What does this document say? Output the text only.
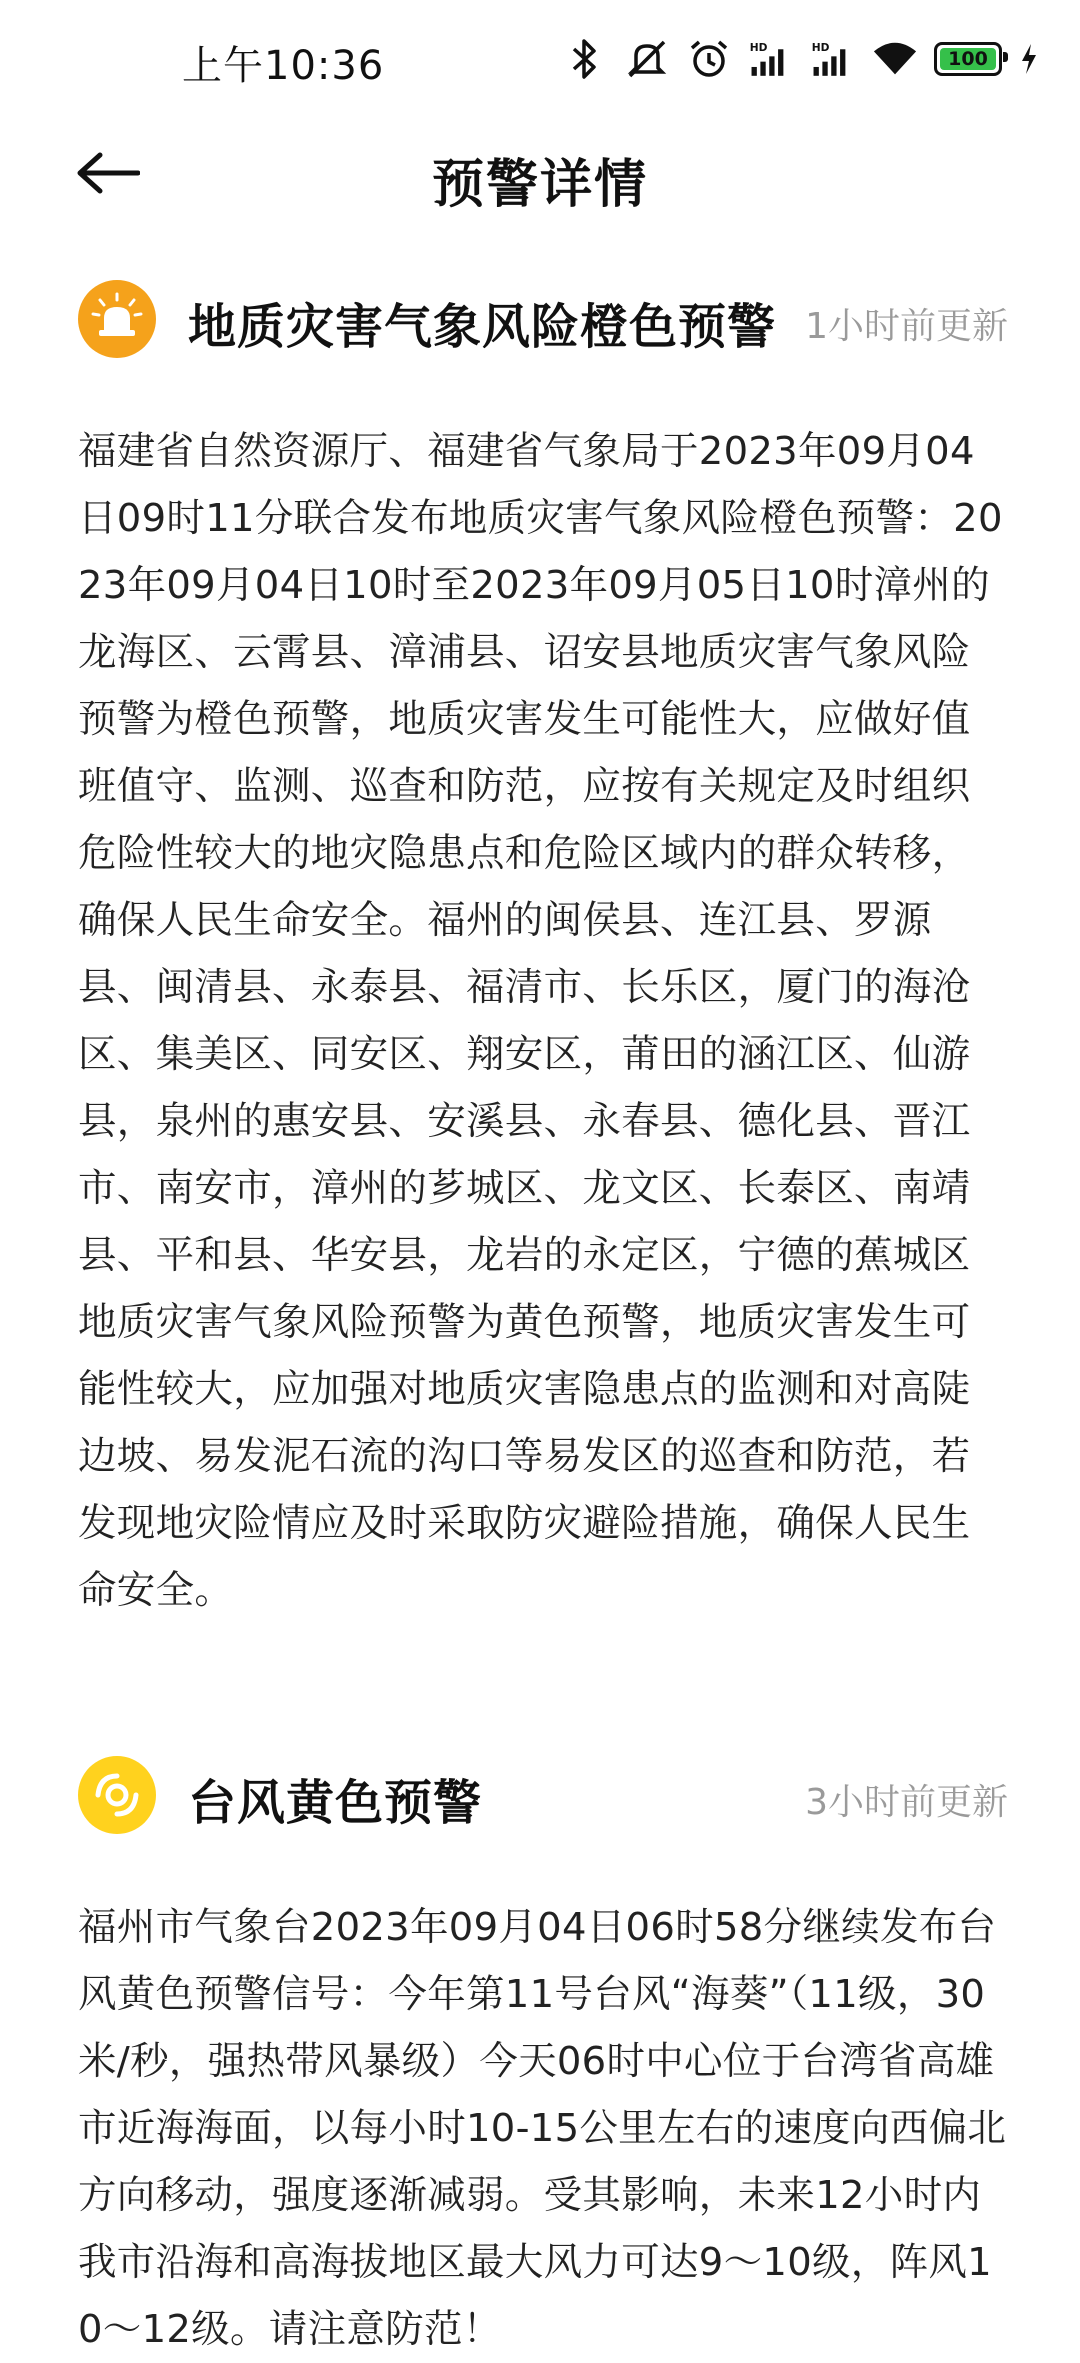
上午10:36	HD	HD
100
预警详情
地质灾害气象风险橙色预警 1小时前更新
福建省自然资源厅、福建省气象局于2023年09月04日09时11分联合发布地质灾害气象风险橙色预警：2023年09月04日10时至2023年09月05日10时漳州的龙海区、云霄县、漳浦县、诏安县地质灾害气象风险预警为橙色预警，地质灾害发生可能性大，应做好值班值守、监测、巡查和防范，应按有关规定及时组织危险性较大的地灾隐患点和危险区域内的群众转移，确保人民生命安全。福州的闽侯县、连江县、罗源县、闽清县、永泰县、福清市、长乐区，厦门的海沧区、集美区、同安区、翔安区，莆田的涵江区、仙游县，泉州的惠安县、安溪县、永春县、德化县、晋江市、南安市，漳州的芗城区、龙文区、长泰区、南靖县、平和县、华安县，龙岩的永定区，宁德的蕉城区地质灾害气象风险预警为黄色预警，地质灾害发生可能性较大，应加强对地质灾害隐患点的监测和对高陡边坡、易发泥石流的沟口等易发区的巡查和防范，若发现地灾险情应及时采取防灾避险措施，确保人民生命安全。
台风黄色预警	3小时前更新
福州市气象台2023年09月04日06时58分继续发布台风黄色预警信号：今年第11号台风“海葵”（11级，30米/秒，强热带风暴级）今天06时中心位于台湾省高雄市近海海面，以每小时10-15公里左右的速度向西偏北方向移动，强度逐渐减弱。受其影响，未来12小时内我市沿海和高海拔地区最大风力可达9～10级，阵风10～12级。请注意防范！
